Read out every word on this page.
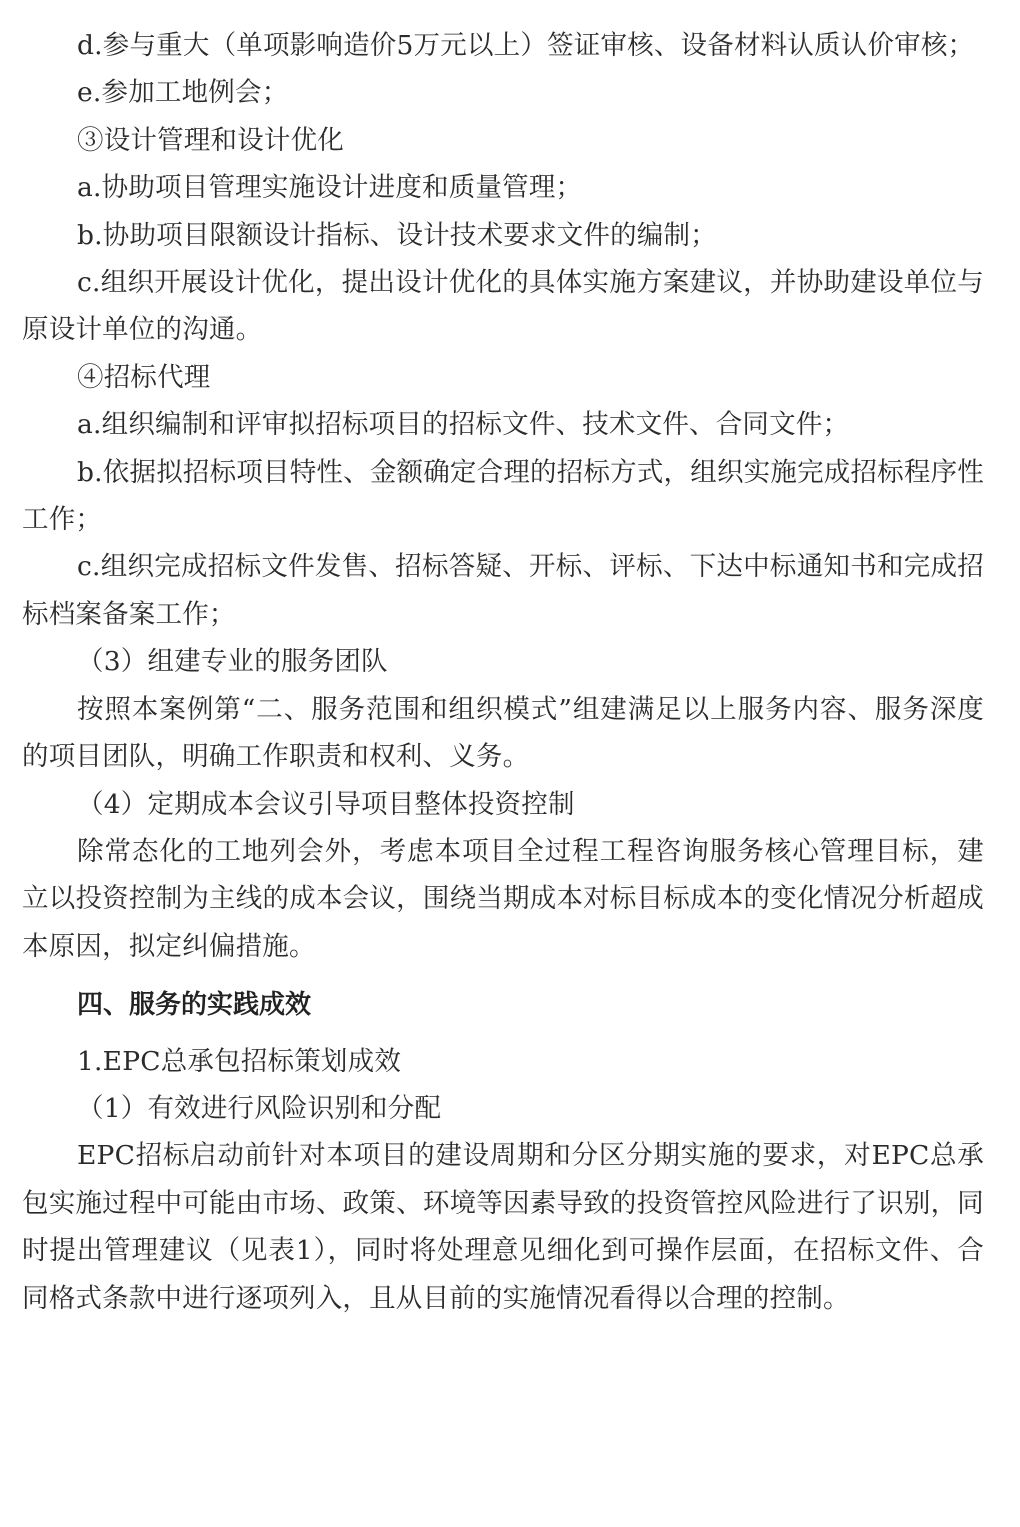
d.参与重大（单项影响造价5万元以上）签证审核、设备材料认质认价审核；

e.参加工地例会；

③设计管理和设计优化

a.协助项目管理实施设计进度和质量管理；

b.协助项目限额设计指标、设计技术要求文件的编制；

c.组织开展设计优化，提出设计优化的具体实施方案建议，并协助建设单位与原设计单位的沟通。

④招标代理

a.组织编制和评审拟招标项目的招标文件、技术文件、合同文件；

b.依据拟招标项目特性、金额确定合理的招标方式，组织实施完成招标程序性工作；

c.组织完成招标文件发售、招标答疑、开标、评标、下达中标通知书和完成招标档案备案工作；

（3）组建专业的服务团队

按照本案例第“二、服务范围和组织模式”组建满足以上服务内容、服务深度的项目团队，明确工作职责和权利、义务。

（4）定期成本会议引导项目整体投资控制

除常态化的工地列会外，考虑本项目全过程工程咨询服务核心管理目标，建立以投资控制为主线的成本会议，围绕当期成本对标目标成本的变化情况分析超成本原因，拟定纠偏措施。

四、服务的实践成效

1.EPC总承包招标策划成效

（1）有效进行风险识别和分配

EPC招标启动前针对本项目的建设周期和分区分期实施的要求，对EPC总承包实施过程中可能由市场、政策、环境等因素导致的投资管控风险进行了识别，同时提出管理建议（见表1），同时将处理意见细化到可操作层面，在招标文件、合同格式条款中进行逐项列入，且从目前的实施情况看得以合理的控制。
